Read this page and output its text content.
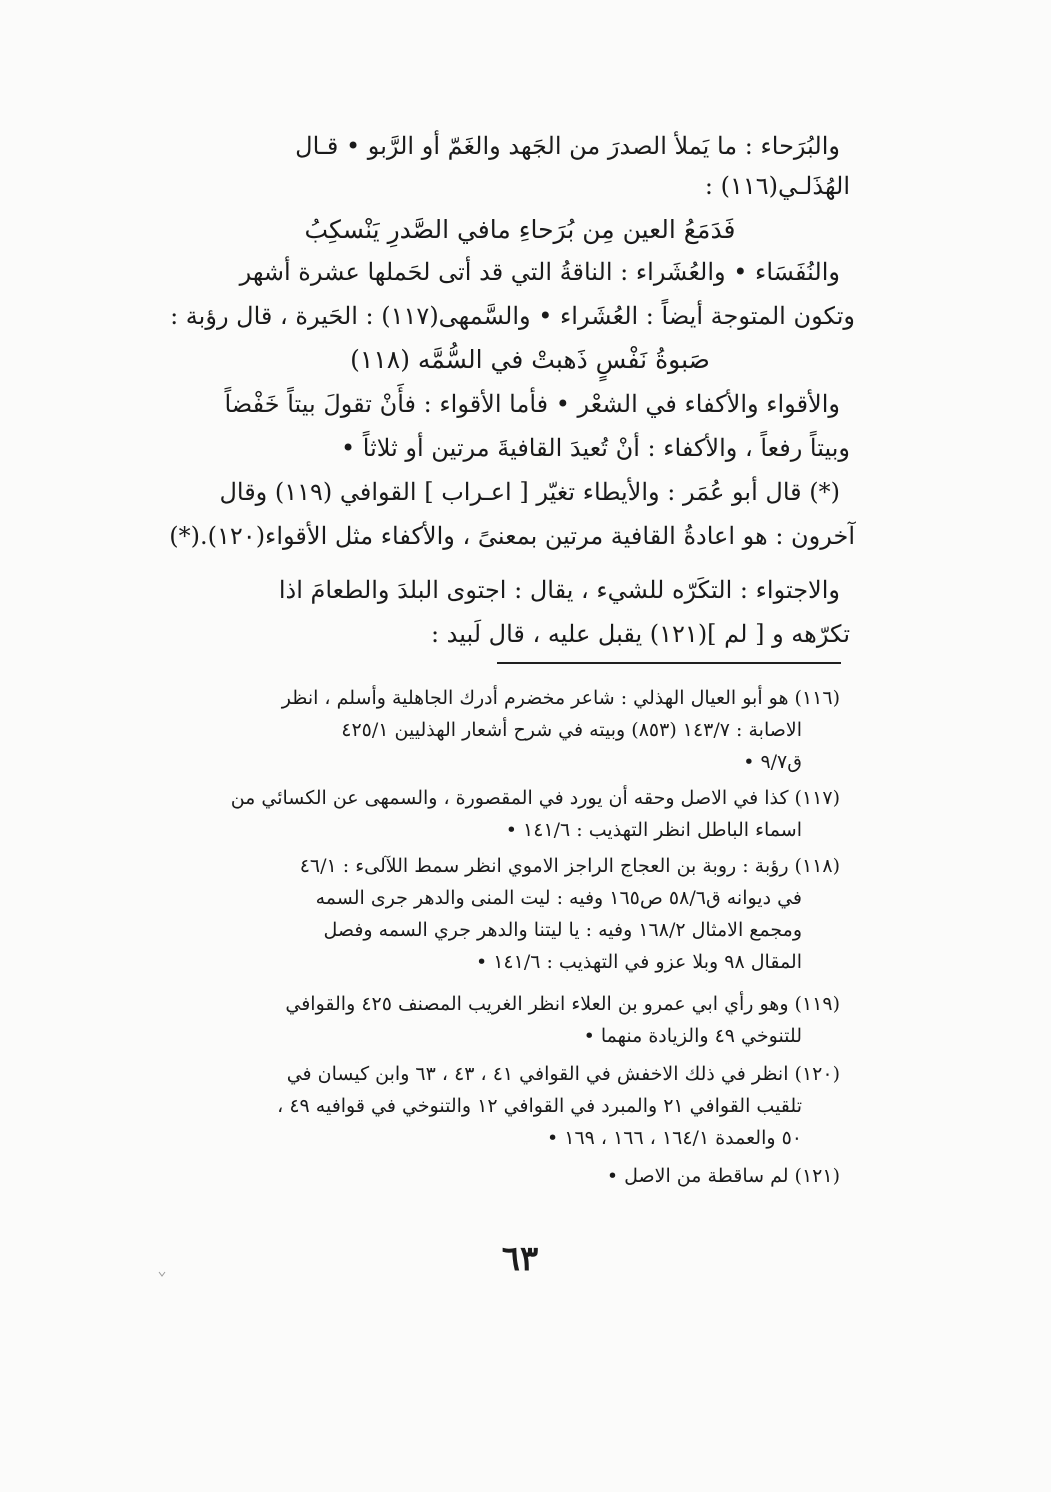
والبُرَحاء : ما يَملأ الصدرَ من الجَهد والغَمّ أو الرَّبو • قـال
الهُذَلـي(١١٦) :
فَدَمَعُ العين مِن بُرَحاءِ مافي الصَّدرِ يَنْسكِبُ
والنُفَسَاء • والعُشَراء : الناقةُ التي قد أتى لحَملها عشرة أشهر
وتكون المتوجة أيضاً : العُشَراء • والسَّمهى(١١٧) : الحَيرة ، قال رؤبة :
صَبوةُ نَفْسٍ ذَهبتْ في السُّمَّه (١١٨)
والأقواء والأكفاء في الشعْر • فأما الأقواء : فأَنْ تقولَ بيتاً خَفْضاً
وبيتاً رفعاً ، والأكفاء : أنْ تُعيدَ القافيةَ مرتين أو ثلاثاً •
(*) قال أبو عُمَر : والأيطاء تغيّر [ اعـراب ] القوافي (١١٩) وقال
آخرون : هو اعادةُ القافية مرتين بمعنىً ، والأكفاء مثل الأقواء(١٢٠).(*)
والاجتواء : التكَرّه للشيء ، يقال : اجتوى البلدَ والطعامَ اذا
تكرّهه و [ لم ](١٢١) يقبل عليه ، قال لَبيد :
(١١٦) هو أبو العيال الهذلي : شاعر مخضرم أدرك الجاهلية وأسلم ، انظر
الاصابة : ١٤٣/٧ (٨٥٣) وبيته في شرح أشعار الهذليين ٤٢٥/١
ق٩/٧ •
(١١٧) كذا في الاصل وحقه أن يورد في المقصورة ، والسمهى عن الكسائي من
اسماء الباطل انظر التهذيب : ١٤١/٦ •
(١١٨) رؤبة : روبة بن العجاج الراجز الاموي انظر سمط اللآلىء : ٤٦/١
في ديوانه ق٥٨/٦ ص١٦٥ وفيه : ليت المنى والدهر جرى السمه
ومجمع الامثال ١٦٨/٢ وفيه : يا ليتنا والدهر جري السمه وفصل
المقال ٩٨ وبلا عزو في التهذيب : ١٤١/٦ •
(١١٩) وهو رأي ابي عمرو بن العلاء انظر الغريب المصنف ٤٢٥ والقوافي
للتنوخي ٤٩ والزيادة منهما •
(١٢٠) انظر في ذلك الاخفش في القوافي ٤١ ، ٤٣ ، ٦٣ وابن كيسان في
تلقيب القوافي ٢١ والمبرد في القوافي ١٢ والتنوخي في قوافيه ٤٩ ،
٥٠ والعمدة ١٦٤/١ ، ١٦٦ ، ١٦٩ •
(١٢١) لم ساقطة من الاصل •
٦٣
